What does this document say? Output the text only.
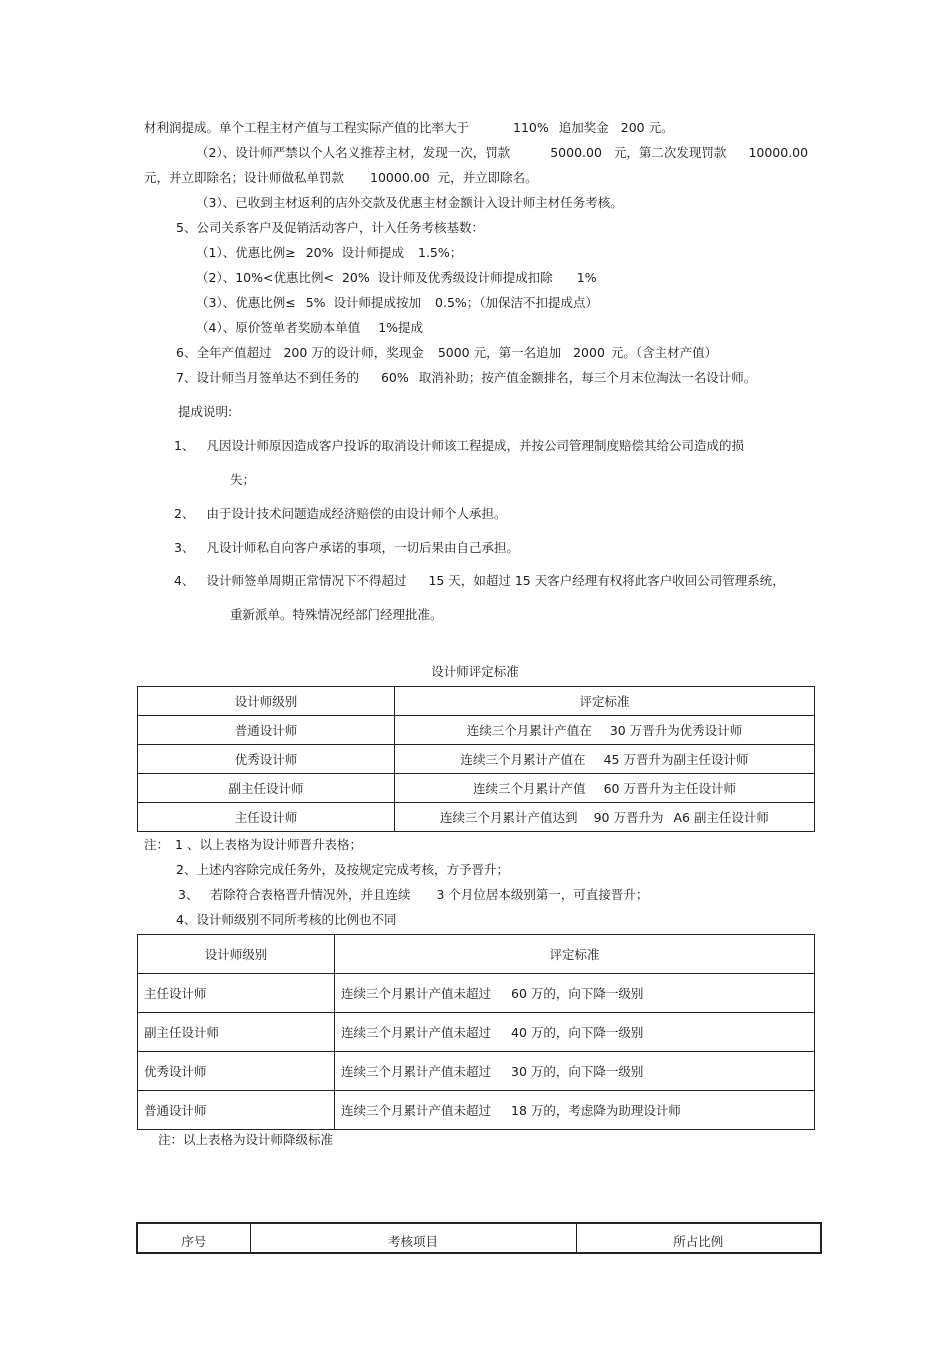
材利润提成。单个工程主材产值与工程实际产值的比率大于	110% 追加奖金 200 元。
（2）、设计师严禁以个人名义推荐主材，发现一次，罚款	5000.00 元，第二次发现罚款 10000.00
元，并立即除名；设计师做私单罚款 10000.00 元，并立即除名。
（3）、已收到主材返利的店外交款及优惠主材金额计入设计师主材任务考核。
5、公司关系客户及促销活动客户，计入任务考核基数：
（1）、优惠比例≥ 20% 设计师提成 1.5%；
（2）、10%<优惠比例< 20% 设计师及优秀级设计师提成扣除 1%
（3）、优惠比例≤ 5% 设计师提成按加 0.5%；（加保洁不扣提成点）
（4）、原价签单者奖励本单值 1%提成
6、全年产值超过 200 万的设计师，奖现金 5000 元，第一名追加 2000 元。（含主材产值）
7、设计师当月签单达不到任务的 60% 取消补助；按产值金额排名，每三个月末位淘汰一名设计师。
提成说明:
1、 凡因设计师原因造成客户投诉的取消设计师该工程提成，并按公司管理制度赔偿其给公司造成的损
失；
2、 由于设计技术问题造成经济赔偿的由设计师个人承担。
3、 凡设计师私自向客户承诺的事项，一切后果由自己承担。
4、 设计师签单周期正常情况下不得超过 15 天，如超过 15 天客户经理有权将此客户收回公司管理系统，
重新派单。特殊情况经部门经理批准。
设计师评定标准
设计师级别	评定标准
普通设计师	连续三个月累计产值在 30 万晋升为优秀设计师
优秀设计师	连续三个月累计产值在 45 万晋升为副主任设计师
副主任设计师	连续三个月累计产值 60 万晋升为主任设计师
主任设计师	连续三个月累计产值达到 90 万晋升为 A6 副主任设计师
注： 1 、以上表格为设计师晋升表格；
2、上述内容除完成任务外，及按规定完成考核，方予晋升；
3、 若除符合表格晋升情况外，并且连续 3 个月位居本级别第一，可直接晋升；
4、设计师级别不同所考核的比例也不同
设计师级别	评定标准
主任设计师	连续三个月累计产值未超过 60 万的，向下降一级别
副主任设计师	连续三个月累计产值未超过 40 万的，向下降一级别
优秀设计师	连续三个月累计产值未超过 30 万的，向下降一级别
普通设计师	连续三个月累计产值未超过 18 万的，考虑降为助理设计师
注：以上表格为设计师降级标准
序号	考核项目	所占比例
